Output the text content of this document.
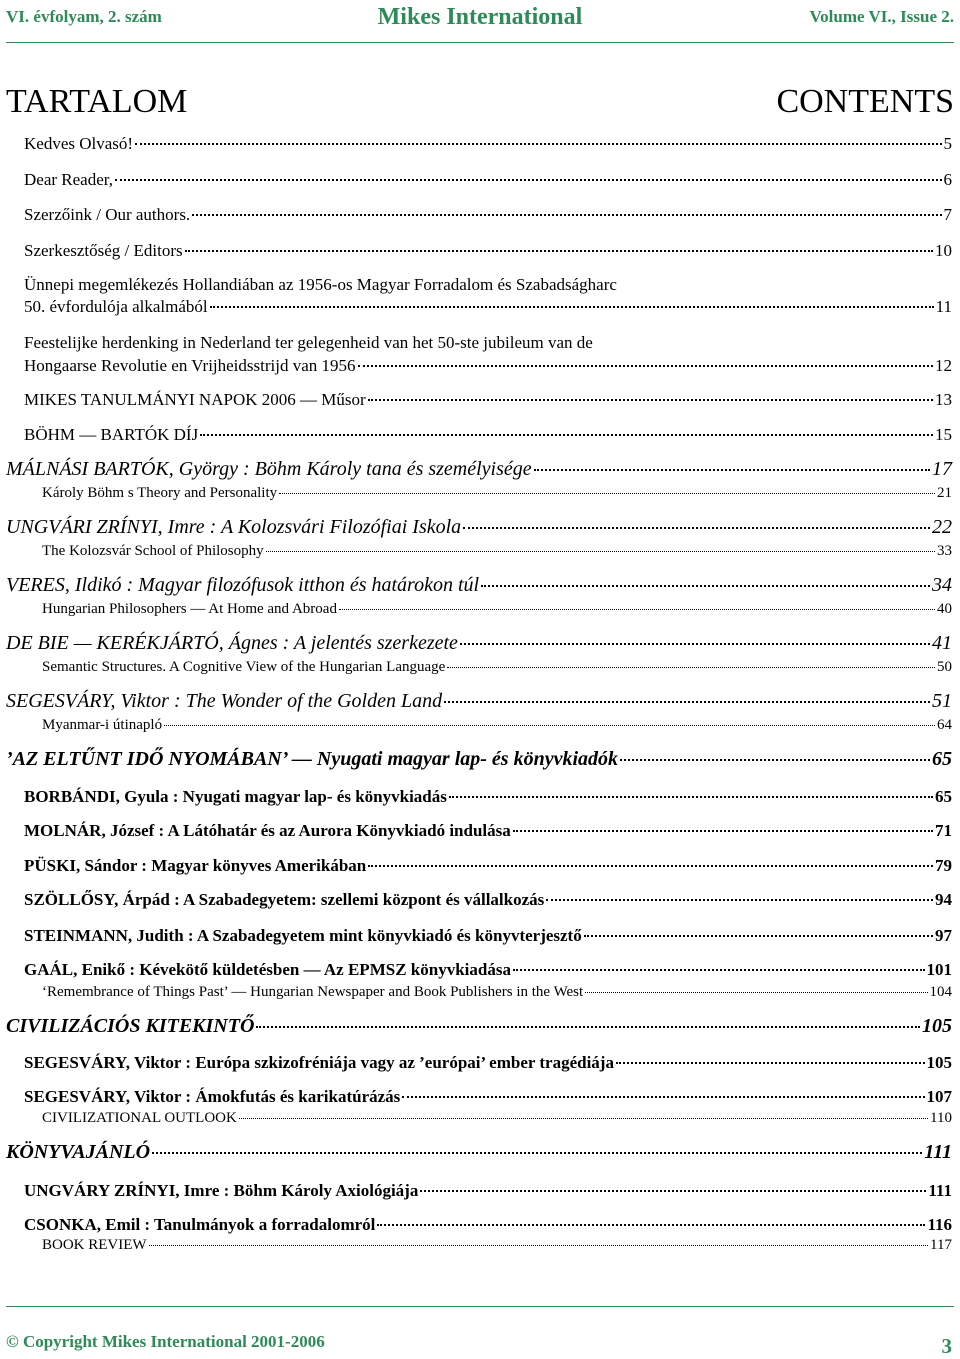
VI. évfolyam, 2. szám	Mikes International	Volume VI., Issue 2.
TARTALOM	CONTENTS
Kedves Olvasó!	5
Dear Reader,	6
Szerzőink / Our authors.	7
Szerkesztőség / Editors	10
Ünnepi megemlékezés Hollandiában az 1956-os Magyar Forradalom és Szabadságharc
50. évfordulója alkalmából	11
Feestelijke herdenking in Nederland ter gelegenheid van het 50-ste jubileum van de
Hongaarse Revolutie en Vrijheidsstrijd van 1956	12
MIKES TANULMÁNYI NAPOK 2006 — Műsor	13
BÖHM — BARTÓK DÍJ	15
MÁLNÁSI BARTÓK, György : Böhm Károly tana és személyisége	17
Károly Böhm s Theory and Personality	21
UNGVÁRI ZRÍNYI, Imre : A Kolozsvári Filozófiai Iskola	22
The Kolozsvár School of Philosophy	33
VERES, Ildikó : Magyar filozófusok itthon és határokon túl	34
Hungarian Philosophers — At Home and Abroad	40
DE BIE — KERÉKJÁRTÓ, Ágnes : A jelentés szerkezete	41
Semantic Structures. A Cognitive View of the Hungarian Language	50
SEGESVÁRY, Viktor : The Wonder of the Golden Land	51
Myanmar-i útinapló	64
’AZ ELTŰNT IDŐ NYOMÁBAN’ — Nyugati magyar lap- és könyvkiadók	65
BORBÁNDI, Gyula : Nyugati magyar lap- és könyvkiadás	65
MOLNÁR, József : A Látóhatár és az Aurora Könyvkiadó indulása	71
PÜSKI, Sándor : Magyar könyves Amerikában	79
SZÖLLŐSY, Árpád : A Szabadegyetem: szellemi központ és vállalkozás	94
STEINMANN, Judith : A Szabadegyetem mint könyvkiadó és könyvterjesztő	97
GAÁL, Enikő : Kévekötő küldetésben — Az EPMSZ könyvkiadása	101
‘Remembrance of Things Past’ — Hungarian Newspaper and Book Publishers in the West	104
CIVILIZÁCIÓS KITEKINTŐ	105
SEGESVÁRY, Viktor : Európa szkizofréniája vagy az ’európai’ ember tragédiája	105
SEGESVÁRY, Viktor : Ámokfutás és karikatúrázás	107
CIVILIZATIONAL OUTLOOK	110
KÖNYVAJÁNLÓ	111
UNGVÁRY ZRÍNYI, Imre : Böhm Károly Axiológiája	111
CSONKA, Emil : Tanulmányok a forradalomról	116
BOOK REVIEW	117
© Copyright Mikes International 2001-2006	3
